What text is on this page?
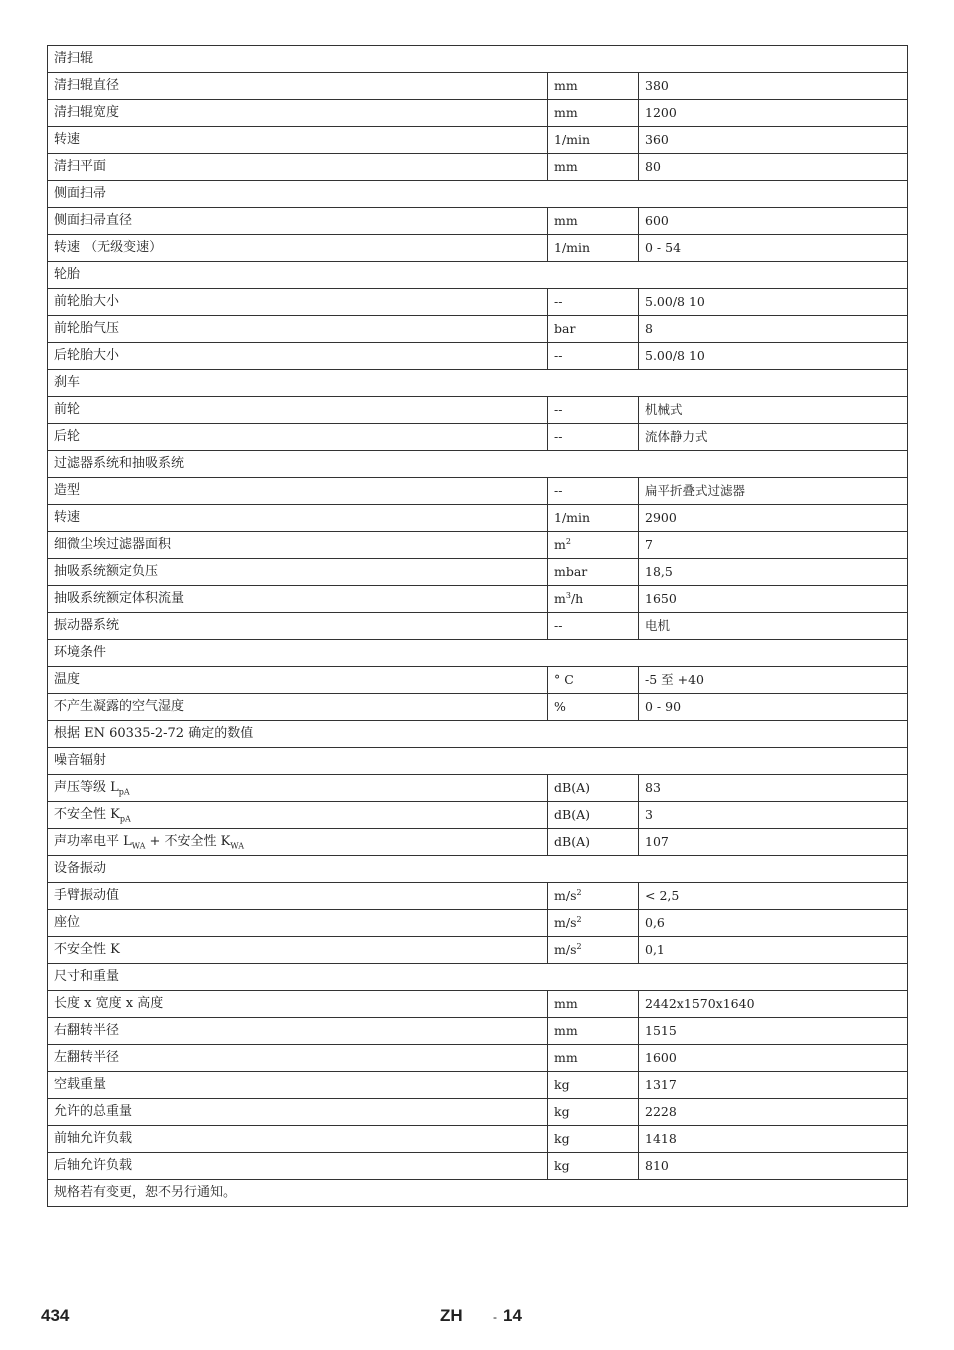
清扫辊		
清扫辊直径	mm	380
清扫辊宽度	mm	1200
转速	1/min	360
清扫平面	mm	80
侧面扫帚		
侧面扫帚直径	mm	600
转速 （无级变速）	1/min	0 - 54
轮胎		
前轮胎大小	--	5.00/8 10
前轮胎气压	bar	8
后轮胎大小	--	5.00/8 10
刹车		
前轮	--	机械式
后轮	--	流体静力式
过滤器系统和抽吸系统		
造型	--	扁平折叠式过滤器
转速	1/min	2900
细微尘埃过滤器面积	$m^2$	7
抽吸系统额定负压	mbar	18,5
抽吸系统额定体积流量	$m^3/h$	1650
振动器系统	--	电机
环境条件		
温度	° C	-5 至 +40
不产生凝露的空气湿度	%	0 - 90
根据 EN 60335-2-72 确定的数值		
噪音辐射		
声压等级 $L_{pA}$	dB(A)	83
不安全性 $K_{pA}$	dB(A)	3
声功率电平 $L_{WA}$ + 不安全性 $K_{WA}$	dB(A)	107
设备振动		
手臂振动值	$m/s^2$	< 2,5
座位	$m/s^2$	0,6
不安全性 K	$m/s^2$	0,1
尺寸和重量		
长度 x 宽度 x 高度	mm	2442x1570x1640
右翻转半径	mm	1515
左翻转半径	mm	1600
空载重量	kg	1317
允许的总重量	kg	2228
前轴允许负载	kg	1418
后轴允许负载	kg	810
规格若有变更，恕不另行通知。		
434	ZH	- 14
